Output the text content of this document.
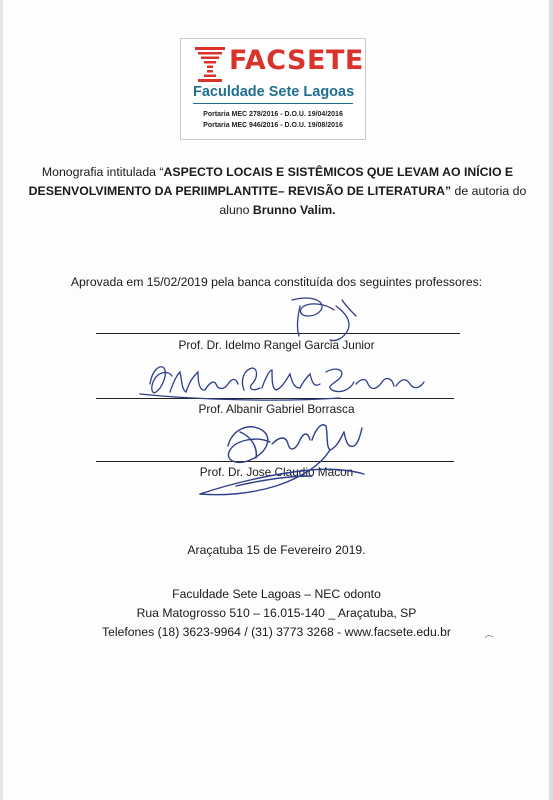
FACSETE
Faculdade Sete Lagoas
Portaria MEC 278/2016 - D.O.U. 19/04/2016
Portaria MEC 946/2016 - D.O.U. 19/08/2016
Monografia intitulada “ASPECTO LOCAIS E SISTÊMICOS QUE LEVAM AO INÍCIO E DESENVOLVIMENTO DA PERIIMPLANTITE– REVISÃO DE LITERATURA” de autoria do aluno Brunno Valim.
Aprovada em 15/02/2019 pela banca constituída dos seguintes professores:
Prof. Dr. Idelmo Rangel Garcia Junior
Prof. Albanir Gabriel Borrasca
Prof. Dr. Jose Claudio Macon
Araçatuba 15 de Fevereiro 2019.
Faculdade Sete Lagoas – NEC odonto
Rua Matogrosso 510 – 16.015-140 _ Araçatuba, SP
Telefones (18) 3623-9964 / (31) 3773 3268 - www.facsete.edu.br
